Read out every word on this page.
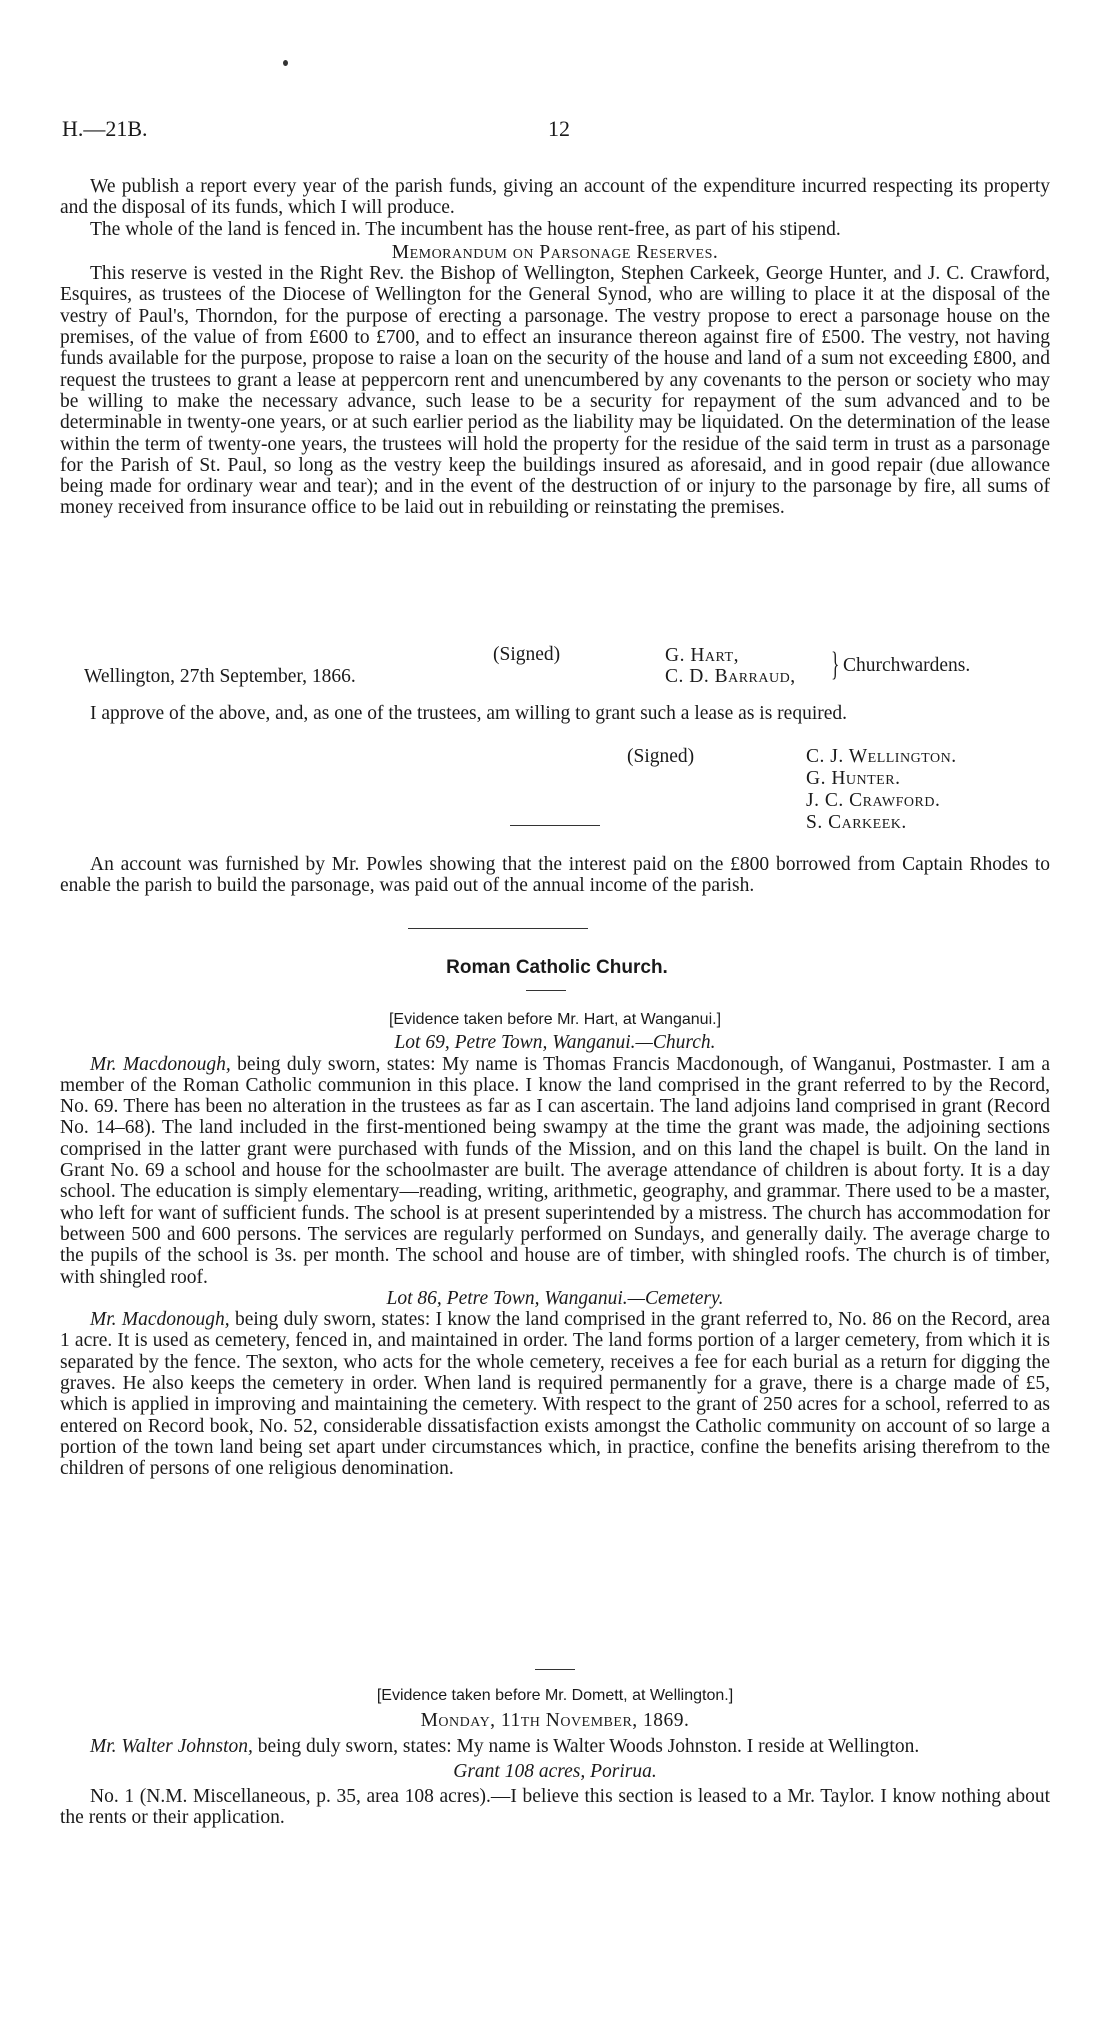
H.—21B.	12

We publish a report every year of the parish funds, giving an account of the expenditure incurred respecting its property and the disposal of its funds, which I will produce.

The whole of the land is fenced in. The incumbent has the house rent-free, as part of his stipend.

Memorandum on Parsonage Reserves.

This reserve is vested in the Right Rev. the Bishop of Wellington, Stephen Carkeek, George Hunter, and J. C. Crawford, Esquires, as trustees of the Diocese of Wellington for the General Synod, who are willing to place it at the disposal of the vestry of Paul's, Thorndon, for the purpose of erecting a parsonage. The vestry propose to erect a parsonage house on the premises, of the value of from £600 to £700, and to effect an insurance thereon against fire of £500. The vestry, not having funds available for the purpose, propose to raise a loan on the security of the house and land of a sum not exceeding £800, and request the trustees to grant a lease at peppercorn rent and unencumbered by any covenants to the person or society who may be willing to make the necessary advance, such lease to be a security for repayment of the sum advanced and to be determinable in twenty-one years, or at such earlier period as the liability may be liquidated. On the determination of the lease within the term of twenty-one years, the trustees will hold the property for the residue of the said term in trust as a parsonage for the Parish of St. Paul, so long as the vestry keep the buildings insured as aforesaid, and in good repair (due allowance being made for ordinary wear and tear); and in the event of the destruction of or injury to the parsonage by fire, all sums of money received from insurance office to be laid out in rebuilding or reinstating the premises.

(Signed)
Wellington, 27th September, 1866.
G. Hart,
C. D. Barraud, } Churchwardens.

I approve of the above, and, as one of the trustees, am willing to grant such a lease as is required.

(Signed)	C. J. Wellington.
G. Hunter.
J. C. Crawford.
S. Carkeek.

An account was furnished by Mr. Powles showing that the interest paid on the £800 borrowed from Captain Rhodes to enable the parish to build the parsonage, was paid out of the annual income of the parish.

Roman Catholic Church.

[Evidence taken before Mr. Hart, at Wanganui.]

Lot 69, Petre Town, Wanganui.—Church.

Mr. Macdonough, being duly sworn, states: My name is Thomas Francis Macdonough, of Wanganui, Postmaster. I am a member of the Roman Catholic communion in this place. I know the land comprised in the grant referred to by the Record, No. 69. There has been no alteration in the trustees as far as I can ascertain. The land adjoins land comprised in grant (Record No. 14–68). The land included in the first-mentioned being swampy at the time the grant was made, the adjoining sections comprised in the latter grant were purchased with funds of the Mission, and on this land the chapel is built. On the land in Grant No. 69 a school and house for the schoolmaster are built. The average attendance of children is about forty. It is a day school. The education is simply elementary—reading, writing, arithmetic, geography, and grammar. There used to be a master, who left for want of sufficient funds. The school is at present superintended by a mistress. The church has accommodation for between 500 and 600 persons. The services are regularly performed on Sundays, and generally daily. The average charge to the pupils of the school is 3s. per month. The school and house are of timber, with shingled roofs. The church is of timber, with shingled roof.

Lot 86, Petre Town, Wanganui.—Cemetery.

Mr. Macdonough, being duly sworn, states: I know the land comprised in the grant referred to, No. 86 on the Record, area 1 acre. It is used as cemetery, fenced in, and maintained in order. The land forms portion of a larger cemetery, from which it is separated by the fence. The sexton, who acts for the whole cemetery, receives a fee for each burial as a return for digging the graves. He also keeps the cemetery in order. When land is required permanently for a grave, there is a charge made of £5, which is applied in improving and maintaining the cemetery. With respect to the grant of 250 acres for a school, referred to as entered on Record book, No. 52, considerable dissatisfaction exists amongst the Catholic community on account of so large a portion of the town land being set apart under circumstances which, in practice, confine the benefits arising therefrom to the children of persons of one religious denomination.

[Evidence taken before Mr. Domett, at Wellington.]

Monday, 11th November, 1869.

Mr. Walter Johnston, being duly sworn, states: My name is Walter Woods Johnston. I reside at Wellington.

Grant 108 acres, Porirua.

No. 1 (N.M. Miscellaneous, p. 35, area 108 acres).—I believe this section is leased to a Mr. Taylor. I know nothing about the rents or their application.
